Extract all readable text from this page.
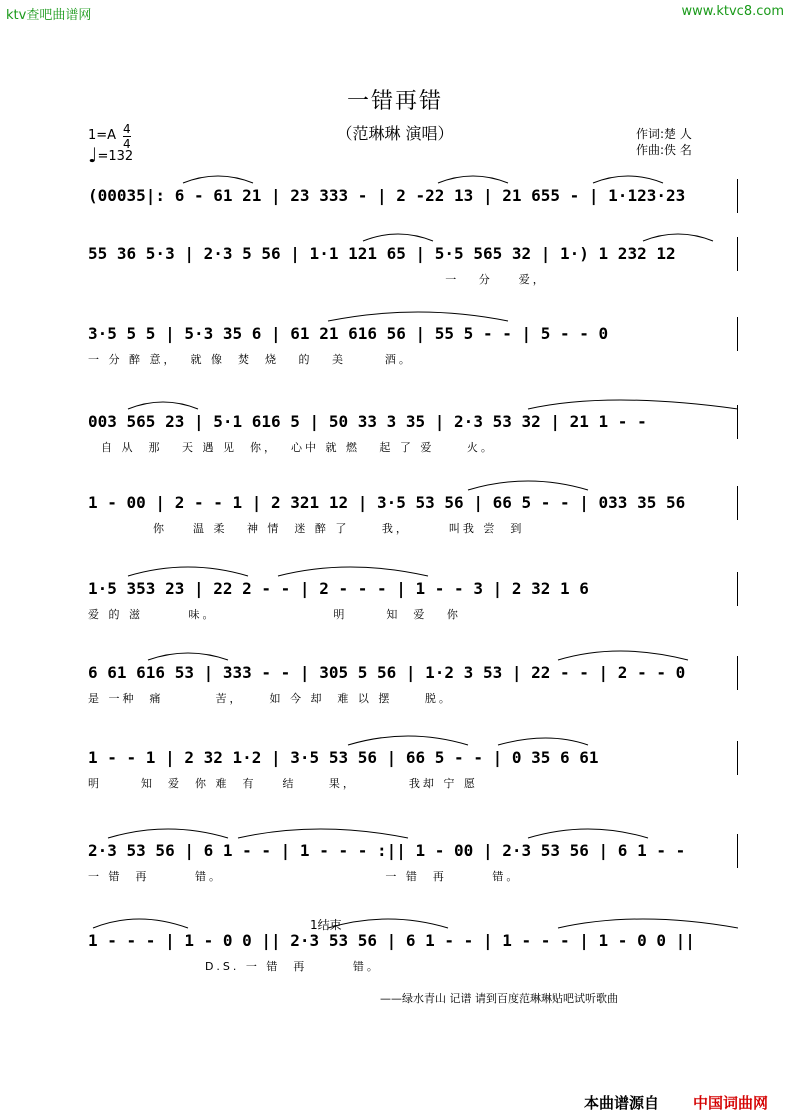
ktv查吧曲谱网	www.ktvc8.com
一错再错
（范琳琳 演唱）
1=A 4
4
♩=132
作词:楚 人
作曲:佚 名
(00035|: 6 - 61 21 | 23 333 - | 2 -22 13 | 21 655 - | 1·123·23
55 36 5·3 | 2·3 5 56 | 1·1 121 65 | 5·5 565 32 | 1·) 1 232 12
一   分    爱，
3·5 5 5 | 5·3 35 6 | 61 21 616 56 | 55 5 - - | 5 - - 0
一 分 醉 意，  就 像  焚  烧   的   美      酒。
003 565 23 | 5·1 616 5 | 50 33 3 35 | 2·3 53 32 | 21 1 - -
自 从  那   天 遇 见  你，  心中 就 燃   起 了 爱     火。
1 - 00 | 2 - - 1 | 2 321 12 | 3·5 53 56 | 66 5 - - | 033 35 56
你    温 柔   神 情  迷 醉 了     我，      叫我 尝  到
1·5 353 23 | 22 2 - - | 2 - - - | 1 - - 3 | 2 32 1 6
爱 的 滋       味。                  明      知  爱   你
6 61 616 53 | 333 - - | 305 5 56 | 1·2 3 53 | 22 - - | 2 - - 0
是 一种  痛        苦，    如 今 却  难 以 摆     脱。
1 - - 1 | 2 32 1·2 | 3·5 53 56 | 66 5 - - | 0 35 6 61
明      知  爱  你 难  有    结     果，        我却 宁 愿
2·3 53 56 | 6 1 - - | 1 - - - :|| 1 - 00 | 2·3 53 56 | 6 1 - -
一 错  再       错。                         一 错  再       错。
1结束
1 - - - | 1 - 0 0 || 2·3 53 56 | 6 1 - - | 1 - - - | 1 - 0 0 ||
D.S. 一 错  再       错。
——绿水青山 记谱 请到百度范琳琳贴吧试听歌曲
本曲谱源自 中国词曲网
